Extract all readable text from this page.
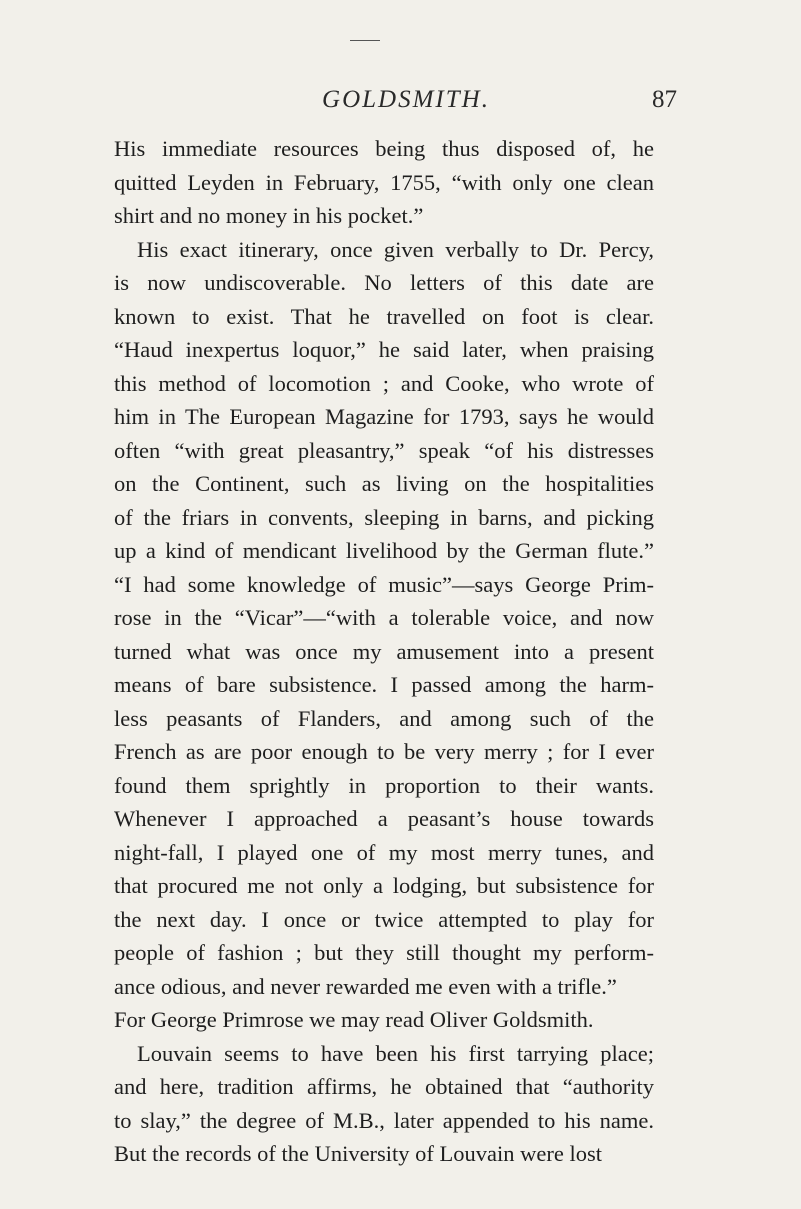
GOLDSMITH.	87
His immediate resources being thus disposed of, he
quitted Leyden in February, 1755, “with only one clean
shirt and no money in his pocket.”
His exact itinerary, once given verbally to Dr. Percy,
is now undiscoverable. No letters of this date are
known to exist. That he travelled on foot is clear.
“Haud inexpertus loquor,” he said later, when praising
this method of locomotion ; and Cooke, who wrote of
him in The European Magazine for 1793, says he would
often “with great pleasantry,” speak “of his distresses
on the Continent, such as living on the hospitalities
of the friars in convents, sleeping in barns, and picking
up a kind of mendicant livelihood by the German flute.”
“I had some knowledge of music”—says George Prim-
rose in the “Vicar”—“with a tolerable voice, and now
turned what was once my amusement into a present
means of bare subsistence. I passed among the harm-
less peasants of Flanders, and among such of the
French as are poor enough to be very merry ; for I ever
found them sprightly in proportion to their wants.
Whenever I approached a peasant’s house towards
night-fall, I played one of my most merry tunes, and
that procured me not only a lodging, but subsistence for
the next day. I once or twice attempted to play for
people of fashion ; but they still thought my perform-
ance odious, and never rewarded me even with a trifle.”
For George Primrose we may read Oliver Goldsmith.
Louvain seems to have been his first tarrying place;
and here, tradition affirms, he obtained that “authority
to slay,” the degree of M.B., later appended to his name.
But the records of the University of Louvain were lost
